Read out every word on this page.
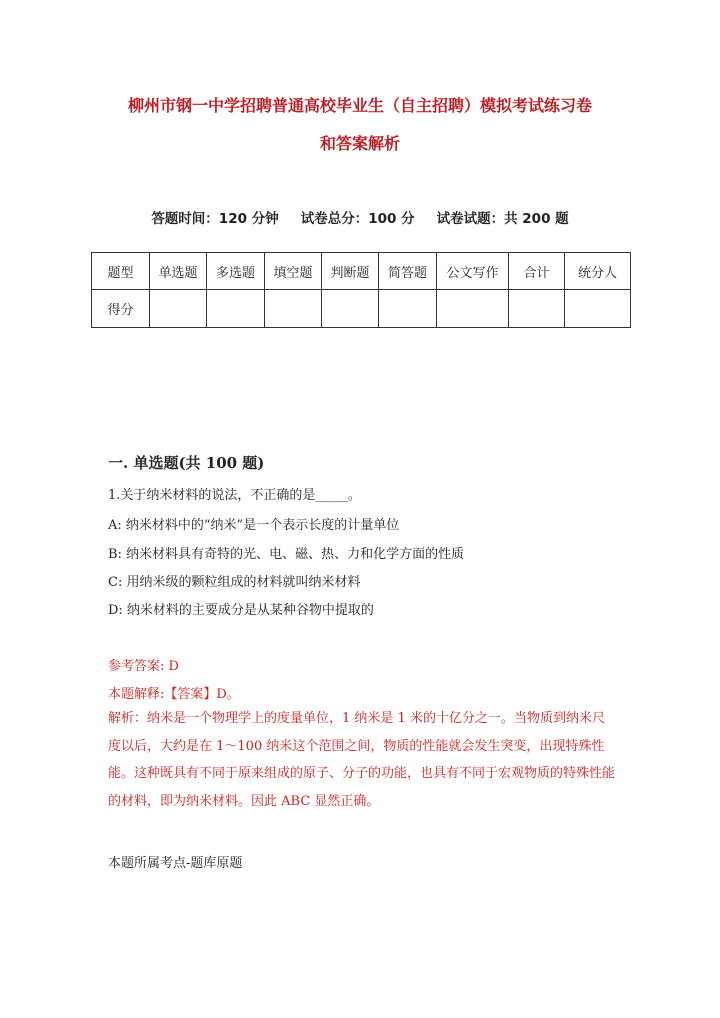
柳州市钢一中学招聘普通高校毕业生（自主招聘）模拟考试练习卷
和答案解析
答题时间：120 分钟 试卷总分：100 分 试卷试题：共 200 题
题型	单选题	多选题	填空题	判断题	简答题	公文写作	合计	统分人
得分								
一. 单选题(共 100 题)
1.关于纳米材料的说法，不正确的是_____。
A: 纳米材料中的“纳米”是一个表示长度的计量单位
B: 纳米材料具有奇特的光、电、磁、热、力和化学方面的性质
C: 用纳米级的颗粒组成的材料就叫纳米材料
D: 纳米材料的主要成分是从某种谷物中提取的
参考答案: D
本题解释:【答案】D。
解析：纳米是一个物理学上的度量单位，1 纳米是 1 米的十亿分之一。当物质到纳米尺度以后，大约是在 1～100 纳米这个范围之间，物质的性能就会发生突变，出现特殊性能。这种既具有不同于原来组成的原子、分子的功能，也具有不同于宏观物质的特殊性能的材料，即为纳米材料。因此 ABC 显然正确。
本题所属考点-题库原题
